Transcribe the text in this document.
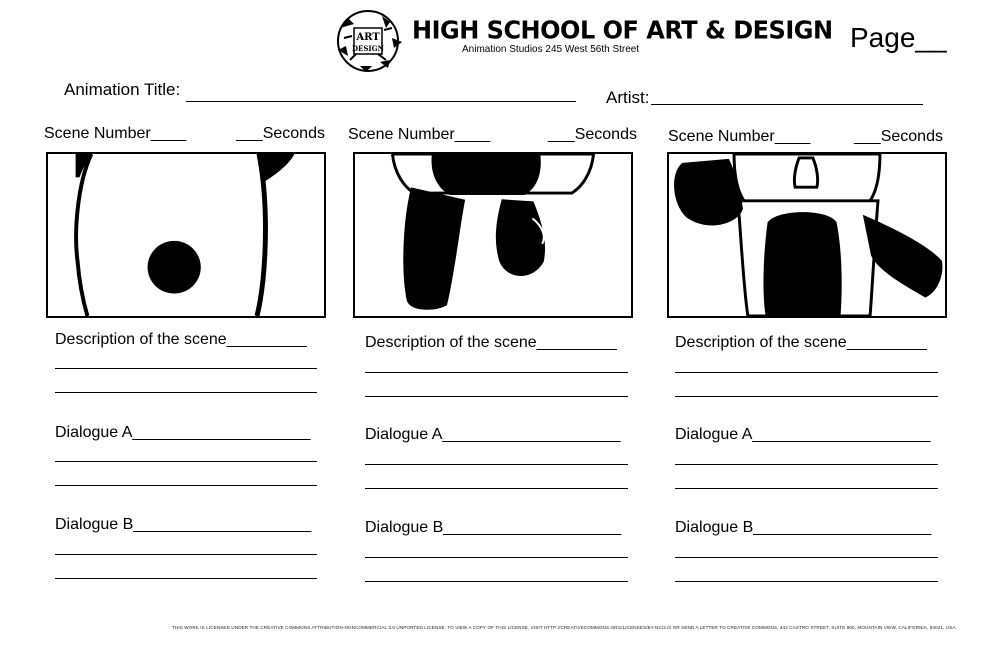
ART
DESIGN
HIGH SCHOOL OF ART & DESIGN
Animation Studios 245 West 56th Street	Page__
Animation Title:	Artist:
Scene Number____	___Seconds
Description of the scene_________
Dialogue A____________________
Dialogue B____________________
Scene Number____	___Seconds
Description of the scene_________
Dialogue A____________________
Dialogue B____________________
Scene Number____	___Seconds
Description of the scene_________
Dialogue A____________________
Dialogue B____________________
THIS WORK IS LICENSED UNDER THE CREATIVE COMMONS ATTRIBUTION-NONCOMMERCIAL 3.0 UNPORTED LICENSE. TO VIEW A COPY OF THIS LICENSE, VISIT HTTP://CREATIVECOMMONS.ORG/LICENSES/BY-NC/3.0/ OR SEND A LETTER TO CREATIVE COMMONS, 444 CASTRO STREET, SUITE 900, MOUNTAIN VIEW, CALIFORNIA, 94041, USA.
